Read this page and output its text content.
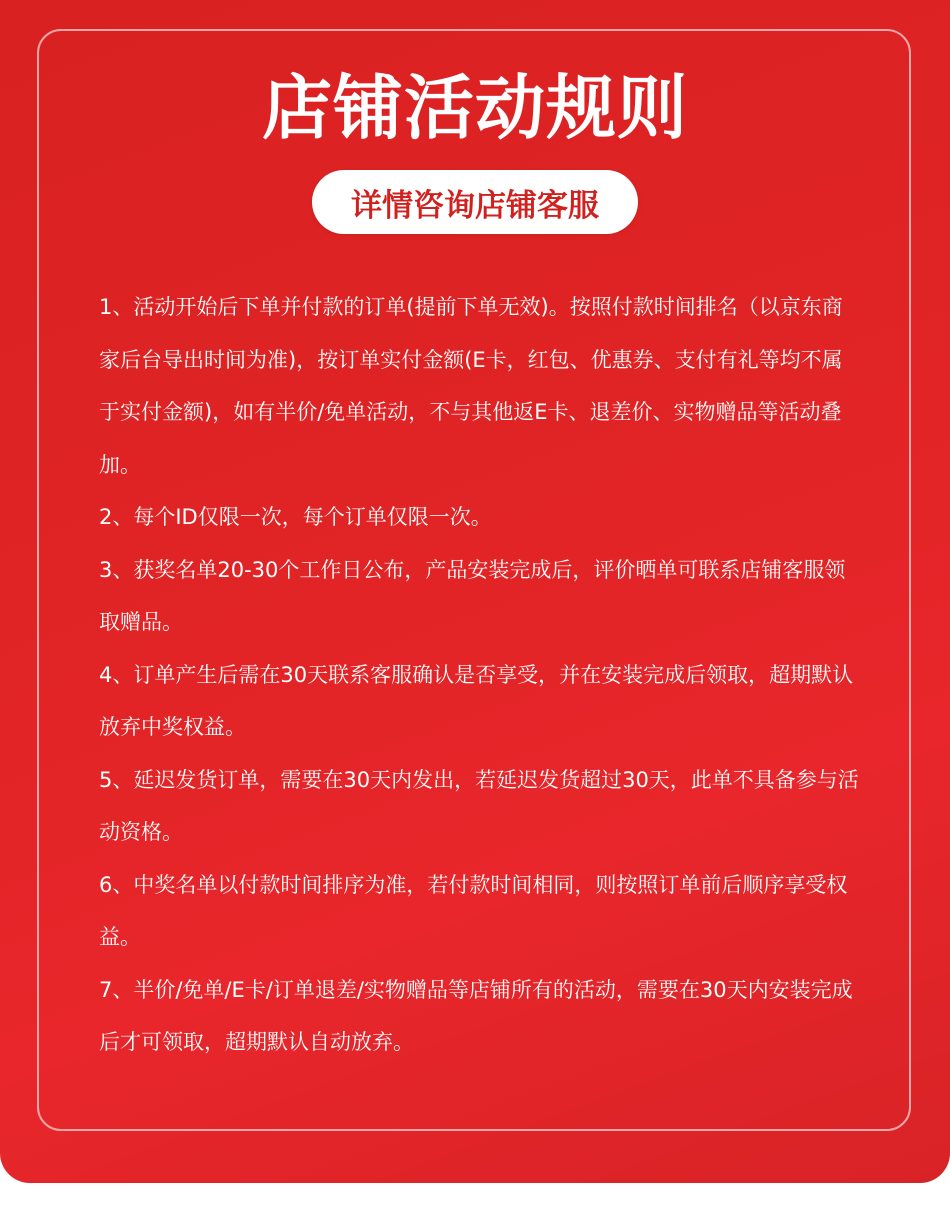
店铺活动规则
详情咨询店铺客服
1、活动开始后下单并付款的订单(提前下单无效)。按照付款时间排名（以京东商家后台导出时间为准)，按订单实付金额(E卡，红包、优惠券、支付有礼等均不属于实付金额)，如有半价/免单活动，不与其他返E卡、退差价、实物赠品等活动叠加。
2、每个ID仅限一次，每个订单仅限一次。
3、获奖名单20-30个工作日公布，产品安装完成后，评价晒单可联系店铺客服领取赠品。
4、订单产生后需在30天联系客服确认是否享受，并在安装完成后领取，超期默认放弃中奖权益。
5、延迟发货订单，需要在30天内发出，若延迟发货超过30天，此单不具备参与活动资格。
6、中奖名单以付款时间排序为准，若付款时间相同，则按照订单前后顺序享受权益。
7、半价/免单/E卡/订单退差/实物赠品等店铺所有的活动，需要在30天内安装完成后才可领取，超期默认自动放弃。
